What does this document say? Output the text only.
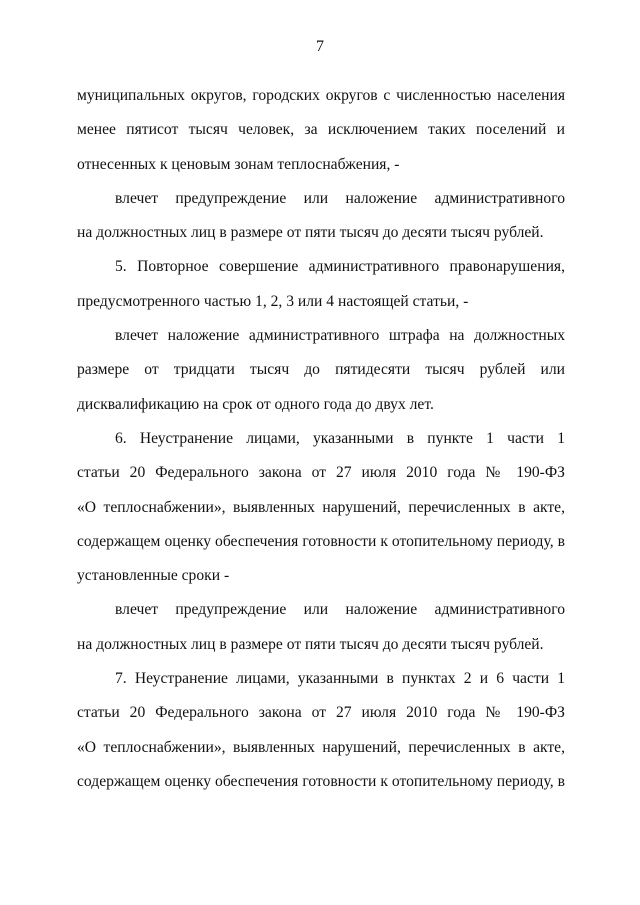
7
муниципальных округов, городских округов с численностью населения
менее пятисот тысяч человек, за исключением таких поселений и
отнесенных к ценовым зонам теплоснабжения, -
влечет предупреждение или наложение административного
на должностных лиц в размере от пяти тысяч до десяти тысяч рублей.
5. Повторное совершение административного правонарушения,
предусмотренного частью 1, 2, 3 или 4 настоящей статьи, -
влечет наложение административного штрафа на должностных
размере от тридцати тысяч до пятидесяти тысяч рублей или
дисквалификацию на срок от одного года до двух лет.
6. Неустранение лицами, указанными в пункте 1 части 1
статьи 20 Федерального закона от 27 июля 2010 года № 190-ФЗ
«О теплоснабжении», выявленных нарушений, перечисленных в акте,
содержащем оценку обеспечения готовности к отопительному периоду, в
установленные сроки -
влечет предупреждение или наложение административного
на должностных лиц в размере от пяти тысяч до десяти тысяч рублей.
7. Неустранение лицами, указанными в пунктах 2 и 6 части 1
статьи 20 Федерального закона от 27 июля 2010 года № 190-ФЗ
«О теплоснабжении», выявленных нарушений, перечисленных в акте,
содержащем оценку обеспечения готовности к отопительному периоду, в
